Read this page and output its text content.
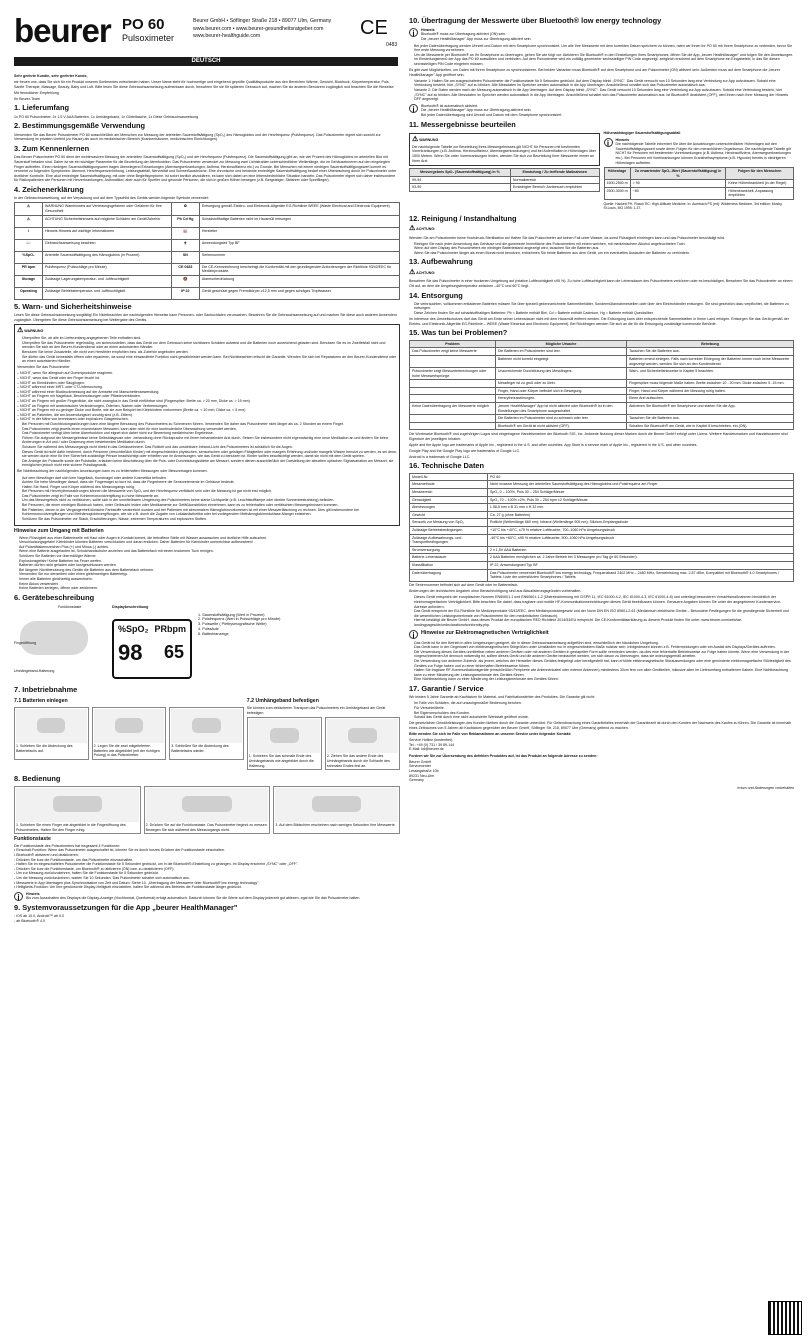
beurer PO 60
Pulsoximeter
Beurer GmbH • Söflinger Straße 218 • 89077 Ulm, Germany
www.beurer.com • www.beurer-gesundheitsratgeber.com
www.beurer-healthguide.com	CE
0483
DEUTSCH

Sehr geehrte Kundin, sehr geehrter Kunde,

wir freuen uns, dass Sie sich für ein Produkt unseres Sortimentes entschieden haben. Unser Name steht für hochwertige und eingehend geprüfte Qualitätsprodukte aus den Bereichen Wärme, Gewicht, Blutdruck, Körpertemperatur, Puls, Sanfte Therapie, Massage, Beauty, Baby und Luft. Bitte lesen Sie diese Gebrauchsanweisung aufmerksam durch, bewahren Sie sie für späteren Gebrauch auf, machen Sie sie anderen Benutzern zugänglich und beachten Sie die Hinweise.

Mit freundlicher Empfehlung

Ihr Beurer-Team

1. Lieferumfang

1x PO 60 Pulsoximeter, 2x 1,5 V AAA Batterien, 1x Umhängeband, 1x Gürteltasche, 1x Diese Gebrauchsanweisung

2. Bestimmungsgemäße Verwendung

Verwenden Sie das Beurer Pulsoximeter PO 60 ausschließlich am Menschen zur Messung der arteriellen Sauerstoffsättigung (SpO₂) des Hämoglobins und der Herzfrequenz (Pulsfrequenz). Das Pulsoximeter eignet sich sowohl zur Verwendung im privaten Umfeld (zu Hause) als auch im medizinischen Bereich (Krankenhäusern, medizinischen Einrichtungen).

3. Zum Kennenlernen

Das Beurer Pulsoximeter PO 60 dient der nichtinvasiven Messung der arteriellen Sauerstoffsättigung (SpO₂) und der Herzfrequenz (Pulsfrequenz). Die Sauerstoffsättigung gibt an, wie viel Prozent des Hämoglobins im arteriellen Blut mit Sauerstoff beladen sind. Daher ist sie ein wichtiger Parameter für die Beurteilung der Atemfunktion. Das Pulsoximeter verwendet zur Messung zwei Lichtstrahlen unterschiedlicher Wellenlänge, die im Gehäuseinneren auf den eingelegten Finger auftreffen. Einen niedrigen Sauerstoffsättigungswert tragen überwiegend Erkrankungen (Atemwegserkrankungen, Asthma, Herzinsuffizienz etc.) zu Grunde. Bei Menschen mit einem niedrigen Sauerstoffsättigungswert kommt es vermehrt zu folgenden Symptomen: Atemnot, Herzfrequenzerhöhung, Leistungsabfall, Nervosität und Schweißausbrüche. Eine chronische und bekannte erniedrigte Sauerstoffsättigung bedarf einer Überwachung durch Ihr Pulsoximeter unter ärztlicher Kontrolle. Eine akut erniedrigte Sauerstoffsättigung, mit oder ohne Begleitsymptome, ist sofort ärztlich abzuklären, es kann sich dabei um eine lebensbedrohliche Situation handeln. Das Pulsoximeter eignet sich daher insbesondere für Risikopatienten wie Personen mit Herzerkrankungen, Asthmatiker, aber auch für Sportler und gesunde Personen, die sich in großen Höhen bewegen (z.B. Bergsteiger, Skifahrer oder Sportflieger).

4. Zeichenerklärung

In der Gebrauchsanweisung, auf der Verpackung und auf dem Typschild des Geräts werden folgende Symbole verwendet:

⚠	WARNUNG Warnhinweis auf Verletzungsgefahren oder Gefahren für Ihre Gesundheit	♻	Entsorgung gemäß Elektro- und Elektronik-Altgeräte EG-Richtlinie WEEE (Waste Electrical and Electronic Equipment)
⚠	ACHTUNG Sicherheitshinweis auf mögliche Schäden am Gerät/Zubehör	Pb Cd Hg	Schadstoffhaltige Batterien nicht im Hausmüll entsorgen
i	Hinweis Hinweis auf wichtige Informationen	🏭	Hersteller
📖	Gebrauchsanweisung beachten	🯅	Anwendungsteil Typ BF
%SpO₂	Arterielle Sauerstoffsättigung des Hämoglobins (in Prozent)	SN	Seriennummer
PR bpm	Pulsfrequenz (Pulsschläge pro Minute)	CE 0483	Die CE-Kennzeichnung bescheinigt die Konformität mit den grundlegenden Anforderungen der Richtlinie 93/42/EEC für Medizinprodukte.
Storage	Zulässige Lagerungstemperatur- und -luftfeuchtigkeit	🔕	Alarmunterdrückung
Operating	Zulässige Betriebstemperatur- und -luftfeuchtigkeit	IP 22	Gerät geschützt gegen Fremdkörper ≥12,5 mm und gegen schräges Tropfwasser
5. Warn- und Sicherheitshinweise

Lesen Sie diese Gebrauchsanweisung sorgfältig! Ein Nichtbeachten der nachfolgenden Hinweise kann Personen- oder Sachschäden verursachen. Bewahren Sie die Gebrauchsanweisung auf und machen Sie diese auch anderen Anwendern zugänglich. Übergeben Sie diese Gebrauchsanweisung bei Weitergabe des Geräts.

⚠ WARNUNG
• Überprüfen Sie, ob alle im Lieferumfang angegebenen Teile enthalten sind.
• Überprüfen Sie das Pulsoximeter regelmäßig, um sicherzustellen, dass das Gerät vor dem Gebrauch keine sichtbaren Schäden aufweist und die Batterien noch ausreichend geladen sind. Benutzen Sie es im Zweifelsfall nicht und wenden Sie sich an den Beurer-Kundendienst oder an einen autorisierten Händler.
• Benutzen Sie keine Zusatzteile, die nicht vom Hersteller empfohlen bzw. als Zubehör angeboten werden.
• Sie dürfen das Gerät keinesfalls öffnen oder reparieren, da sonst eine einwandfreie Funktion nicht gewährleistet werden kann. Bei Nichtbeachten erlischt die Garantie. Wenden Sie sich bei Reparaturen an den Beurer-Kundendienst oder an einen autorisierten Händler.

Verwenden Sie das Pulsoximeter

– NICHT, wenn Sie allergisch auf Gummiprodukte reagieren.
– NICHT, wenn das Gerät oder der Finger feucht ist.
– NICHT an Kleinkindern oder Säuglingen.
– NICHT während einer MRT- oder CT-Untersuchung.
– NICHT während einer Blutdruckmessung auf der Armseite mit Manschettenanwendung.
– NICHT an Fingern mit Nagellack, Beschmutzungen oder Pflasterverbänden.
– NICHT an Fingern mit großer Fingerdicke, die nicht zwanglos in das Gerät einführbar sind (Fingerspitze: Breite ca. > 20 mm, Dicke ca. > 15 mm)
– NICHT an Fingern mit anatomischen Veränderungen, Ödemen, Narben oder Verbrennungen.
– NICHT an Fingern mit zu geringer Dicke und Breite, wie sie zum Beispiel bei Kleinkindern vorkommen (Breite ca. < 10 mm, Dicke ca. < 5 mm)
– NICHT an Patienten, die am Anwendungsort unruhig sind (z.B. Zittern).
– NICHT in der Nähe von brennbaren oder explosiven Gasgemischen.
• Bei Personen mit Durchblutungsstörungen kann eine längere Benutzung des Pulsoximeters zu Schmerzen führen. Verwenden Sie daher das Pulsoximeter nicht länger als ca. 2 Stunden an einem Finger.
• Das Pulsoximeter zeigt jeweils einen momentanen Messwert, kann aber nicht für eine kontinuierliche Überwachung verwendet werden.
• Das Pulsoximeter verfügt über keine Alarmfunktion und eignet sich daher nicht zur Bewertung medizinischer Ergebnisse.
• Führen Sie aufgrund der Messergebnisse keine Selbstdiagnose oder -behandlung ohne Rücksprache mit Ihrem behandelnden Arzt durch. Setzen Sie insbesondere nicht eigenmächtig eine neue Medikation an und ändern Sie keine Änderungen in Art und / oder Dosierung einer bestehenden Medikation durch.
• Schauen Sie während des Messvorgangs nicht direkt in das Gehäuseinnere. Das Rotlicht und das unsichtbare Infrarot-Licht des Pulsoximeters ist schädlich für die Augen.
• Dieses Gerät ist nicht dafür bestimmt, durch Personen (einschließlich Kinder) mit eingeschränkten physischen, sensorischen oder geistigen Fähigkeiten oder mangels Erfahrung und/oder mangels Wissen benutzt zu werden, es sei denn, sie werden durch eine für Ihre Sicherheit zuständige Person beaufsichtigt oder erhielten von ihr Anweisungen, wie das Gerät zu benutzen ist. Kinder sollten beaufsichtigt werden, damit sie nicht mit dem Gerät spielen.
• Die Anzeige der Pulswelle sowie der Pulsbalke, erlauben keine Abschätzung über die Puls- oder Durchblutungsstärke am Messort, sondern dienen ausschließlich der Darstellung der aktuellen optischen Signalvariation am Messort, sie ermöglichen jedoch nicht eine sichere Pulsdiagnostik.

Bei Nichtbeachtung der nachfolgenden Anweisungen kann es zu fehlerhaften Messungen oder Messversagen kommen.

• Auf dem Messfinger darf sich kein Nagellack, Kunstnagel oder andere Kosmetika befinden.
• Achten Sie beim Messfinger darauf, dass der Fingernagel so kurz ist, dass die Fingerbeere die Sensorelemente im Gehäuse bedeckt.
• Halten Sie Hand, Finger und Körper während des Messvorgangs ruhig.
• Bei Personen mit Herzrhythmusstörungen können die Messwerte von SpO₂ und der Herzfrequenz verfälscht sein oder die Messung ist gar nicht erst möglich.
• Das Pulsoximeter zeigt im Falle von Kohlenmonoxidvergiftung zu hohe Messwerte an.
• Um das Messergebnis nicht zu verfälschen, sollte sich in der unmittelbaren Umgebung des Pulsoximeters keine starke Lichtquelle (z.B. Leuchtstofflampe oder direkte Sonnenbestrahlung) befinden.
• Bei Personen, die einen niedrigen Blutdruck haben, unter Gelbsucht leiden oder Medikamente zur Gefäßkonstriktion einnehmen, kann es zu fehlerhaften oder verfälschten Messergebnissen kommen.
• Bei Patienten, denen in der Vergangenheit klinische Farbstoffe verabreicht wurden und bei Patienten mit abnormalem Hämoglobinvorkommen ist mit einer Messverfälschung zu rechnen. Dies gilt insbesondere bei Kohlenmonoxidvergiftungen und Methämoglobinvergiftungen, wie sie z.B. durch die Zugabe von Lokalanästhetika oder bei vorliegendem Methämoglobinreduktase-Mangel entstehen.
• Schützen Sie das Pulsoximeter vor Staub, Erschütterungen, Nässe, extremen Temperaturen und explosiven Stoffen.
Hinweise zum Umgang mit Batterien
• Wenn Flüssigkeit aus einer Batteriezelle mit Haut oder Augen in Kontakt kommt, die betroffene Stelle mit Wasser auswaschen und ärztliche Hilfe aufsuchen.
• Verschluckungsgefahr! Kleinkinder könnten Batterien verschlucken und daran ersticken. Daher Batterien für Kleinkinder unerreichbar aufbewahren!
• Auf Polaritätskennzeichen Plus (+) und Minus (-) achten.
• Wenn eine Batterie ausgelaufen ist, Schutzhandschuhe anziehen und das Batteriefach mit einem trockenen Tuch reinigen.
• Schützen Sie Batterien vor übermäßiger Wärme.
• Explosionsgefahr! Keine Batterien ins Feuer werfen.
• Batterien dürfen nicht geladen oder kurzgeschlossen werden.
• Bei längerer Nichtbenutzung des Geräts die Batterien aus dem Batteriefach nehmen.
• Verwenden Sie nur denselben oder einen gleichwertigen Batterietyp.
• Immer alle Batterien gleichzeitig auswechseln.
• Keine Akkus verwenden!
• Keine Batterien zerlegen, öffnen oder zerkleinern.
6. Gerätebeschreibung
Funktionstaste
Fingeröffnung
Umhängeband-Halterung
Displaybeschreibung
%SpO₂ PRbpm
98 65
1. Sauerstoffsättigung (Wert in Prozent)
2. Pulsfrequenz (Wert in Pulsschläge pro Minute)
3. Pulswelle ( Plethysmografische Welle)
4. Pulssäule
5. Batterieanzeige
7. Inbetriebnahme
7.1 Batterien einlegen
1. Schieben Sie die Abdeckung des Batteriefachs auf.
2. Legen Sie die zwei mitgelieferten Batterien wie abgebildet (mit der richtigen Polung) in das Pulsoximeter.
3. Schließen Sie die Abdeckung des Batteriefachs wieder.
7.2 Umhängeband befestigen

Sie können zum einfacheren Transport das Pulsoximeters ein Umhängeband am Gerät befestigen.

1. Schieben Sie das schmale Ende des Umhängebands wie abgebildet durch die Halterung.
2. Ziehen Sie das andere Ende des Umhängebands durch die Schlaufe des schmalen Endes fest an.
8. Bedienung
1. Schieben Sie einen Finger wie abgebildet in die Fingeröffnung des Pulsoximeters. Halten Sie den Finger ruhig.
2. Drücken Sie auf die Funktionstaste. Das Pulsoximeter beginnt zu messen. Bewegen Sie sich während des Messvorgangs nicht.
3. Auf dem Bildschirm erscheinen nach wenigen Sekunden Ihre Messwerte.
Funktionstaste
Die Funktionstaste des Pulsoximeters hat insgesamt 4 Funktionen:
• Einschalt-Funktion: Wenn das Pulsoximeter ausgeschaltet ist, können Sie es durch kurzes Drücken der Funktionstaste einschalten.
• Bluetooth® aktivieren und deaktivieren:
- Drücken Sie kurz die Funktionstaste, um das Pulsoximeter einzuschalten.
- Halten Sie im eingeschalteten Pulsoximeter die Funktionstaste für 5 Sekunden gedrückt, um in die Bluetooth®-Einstellung zu gelangen. Im Display erscheint „SYNC" oder „OFF".
- Drücken Sie kurz die Funktionstaste, um Bluetooth® zu aktivieren (ON) bzw. zu deaktivieren (OFF).
- Um zur Messung zurückzukehren, halten Sie die Funktionstaste für 5 Sekunden gedrückt.
- Um die Messung zurückzukehren, warten Sie 10 Sekunden. Das Pulsoximeter schaltet sich automatisch aus.
• Messwerte in App übertragen plus Synchronisation von Zeit und Datum: Siehe 10. „Übertragung der Messwerte über Bluetooth® low energy technology".
• Helligkeits-Funktion: Um Ihre gewünschte Display-Helligkeit einzustellen, halten Sie während des Betriebs die Funktionstaste länger gedrückt.
i	Hinweis
Bis zum Ausschalten des Displays die Display-Anzeige (Hochformat, Querformat) erfolgt automatisch. Dadurch können Sie die Werte auf dem Display jederzeit gut ablesen, egal wie Sie das Pulsoximeter halten.
9. Systemvoraussetzungen für die App „beurer HealthManager"
- iOS ab 10.0, Android™ ab 5.0
- ab Bluetooth® 4.0
10. Übertragung der Messwerte über Bluetooth® low energy technology
i	Hinweis
Bluetooth® muss zur Übertragung aktiviert (ON) sein.
Die „beurer HealthManager" App muss zur Übertragung aktiviert sein.
• Bei jeder Datenübertragung werden Uhrzeit und Datum mit dem Smartphone synchronisiert. Um alle Ihre Messwerte mit dem korrekten Datum speichern zu können, raten wir Ihnen Ihr PO 60 mit Ihrem Smartphone zu verbinden, bevor Sie Ihre erste Messung vornehmen.
• Um die Messwerte per Bluetooth® an Ihr Smartphone zu übertragen, gehen Sie wie folgt vor: Aktivieren Sie Bluetooth® in den Einstellungen Ihres Smartphones, öffnen Sie die App „beurer HealthManager" und folgen Sie den Anweisungen. Im Einstellungsmenü der App das PO 60 auswählen und verbinden. Auf dem Pulsoximeter wird ein zufällig generierter sechsstelliger PIN Code angezeigt, zeitgleich erscheint auf dem Smartphone ein Eingabefeld, in das Sie diesen sechsstelligen PIN Code eingeben müssen.

Es gibt zwei Möglichkeiten, um Daten mit Ihrem Smartphone zu synchronisieren. Bei beiden Varianten muss Bluetooth® auf dem Smartphone und am Pulsoximeter (ON) aktiviert sein. Außerdem muss auf dem Smartphone die „beurer HealthManager" App geöffnet sein.

• Variante 1: Halten Sie am ausgeschalteten Pulsoximeter die Funktionstaste für 5 Sekunden gedrückt. Auf dem Display blinkt „SYNC". Das Gerät versucht nun 10 Sekunden lang eine Verbindung zur App aufzubauen. Sobald eine Verbindung besteht, hört „SYNC" auf zu blinken. Alle Messdaten im Speicher werden automatisch in die App übertragen. Anschließend schaltet sich das Pulsoximeter automatisch aus.
• Variante 2: Die Daten werden nach der Messung automatisch in die App übertragen. Auf dem Display blinkt „SYNC". Das Gerät versucht 10 Sekunden lang eine Verbindung zur App aufzubauen. Sobald eine Verbindung besteht, hört „SYNC" auf zu blinken. Alle Messdaten im Speicher werden automatisch in die App übertragen. Anschließend schaltet sich das Pulsoximeter automatisch aus. Ist Bluetooth® deaktiviert (OFF), wird Ihnen nach Ihrer Messung der Hinweis OFF angezeigt.
i	Bluetooth® ist automatisch aktiviert.
Die „beurer HealthManager" App muss zur Übertragung aktiviert sein.
Bei jeder Datenübertragung wird Uhrzeit und Datum mit dem Smartphone synchronisiert.
11. Messergebnisse beurteilen
⚠ WARNUNG
Die nachfolgende Tabelle zur Beurteilung Ihres Messergebnisses gilt NICHT für Personen mit bestimmten Vorerkrankungen (z.B. Asthma, Herzinsuffizienz, Atemwegserkrankungen) und bei Aufenthalten in Höhenlagen über 1500 Metern. Wenn Sie unter Vorerkrankungen leiden, wenden Sie sich zur Beurteilung Ihrer Messwerte immer an Ihren Arzt.
Messergebnis SpO₂ (Sauerstoffsättigung) in %	Einstufung / Zu treffende Maßnahmen
99-94	Normalbereich
93-90	Erniedrigter Bereich: Arztbesuch empfohlen
Höhenabhängiger Sauerstoffsättigungsabfall
i	Hinweis
Die nachfolgende Tabelle informiert Sie über die Auswirkungen unterschiedlicher Höhenlagen auf den Sauerstoffsättigungswert sowie deren Folgen für den menschlichen Organismus. Die nachfolgende Tabelle gilt NICHT für Personen mit bestimmten Vorerkrankungen (z.B. Asthma, Herzinsuffizienz, Atemwegserkrankungen etc.). Bei Personen mit Vorerkrankungen können Krankheitssymptome (z.B. Hypoxie) bereits in niedrigeren Höhenlagen auftreten.
Höhenlage	Zu erwartender SpO₂-Wert (Sauerstoffsättigung) in %	Folgen für den Menschen
1500-2500 m	> 90	Keine Höhenkrankheit (in der Regel)
2500-3000 m	~80	Höhenkrankheit, Anpassung empfohlen

Quelle: Hackett PH, Roach RC: High-Altitude Medicine. In: Auerbach PS (ed): Wilderness Medicine, 3rd edition; Mosby, St.Louis, MO 1995: 1-37.

12. Reinigung / Instandhaltung

⚠ ACHTUNG:

Wenden Sie am Pulsoximeter keine Hochdruck-Sterilisation an! Halten Sie das Pulsoximeter auf keinen Fall unter Wasser, da sonst Flüssigkeit eindringen kann und das Pulsoximeter beschädigt wird.

• Reinigen Sie nach jeder Anwendung das Gehäuse und die gummierte Innenfläche des Pulsoximeters mit einem weichen, mit medizinischem Alkohol angefeuchteten Tuch.
• Wenn auf dem Display des Pulsoximeters ein niedriger Batteriestand angezeigt wird, tauschen Sie die Batterien aus.
• Wenn Sie das Pulsoximeter länger als einen Monat nicht benutzen, entnehmen Sie beide Batterien aus dem Gerät, um ein eventuelles Auslaufen der Batterien zu verhindern.
13. Aufbewahrung

⚠ ACHTUNG:

Bewahren Sie das Pulsoximeter in einer trockenen Umgebung auf (relative Luftfeuchtigkeit ≤95 %). Zu hohe Luftfeuchtigkeit kann die Lebensdauer des Pulsoximeters verkürzen oder es beschädigen. Bewahren Sie das Pulsoximeter an einem Ort auf, an dem die Umgebungstemperatur zwischen –40°C und 60°C liegt.

14. Entsorgung
• Die verbrauchten, vollkommen entladenen Batterien müssen Sie über speziell gekennzeichnete Sammelbehälter, Sondermüllannahmestellen oder über den Elektrohändler entsorgen. Sie sind gesetzlich dazu verpflichtet, die Batterien zu entsorgen.
• Diese Zeichen finden Sie auf schadstoffhaltigen Batterien: Pb = Batterie enthält Blei, Cd = Batterie enthält Cadmium, Hg = Batterie enthält Quecksilber

Im Interesse des Umweltschutzes darf das Gerät am Ende seiner Lebensdauer nicht mit dem Hausmüll entfernt werden. Die Entsorgung kann über entsprechende Sammelstellen in Ihrem Land erfolgen. Entsorgen Sie das Gerät gemäß der Elektro- und Elektronik-Altgeräte EG-Richtlinie – WEEE (Waste Electrical and Electronic Equipment). Bei Rückfragen wenden Sie sich an die für die Entsorgung zuständige kommunale Behörde.

15. Was tun bei Problemen?
Problem	Mögliche Ursache	Behebung
Das Pulsoximeter zeigt keine Messwerte	Die Batterien im Pulsoximeter sind leer.	Tauschen Sie die Batterien aus.
	Batterien nicht korrekt eingelegt.	Batterien erneut einlegen. Falls nach korrekter Einlegung der Batterien immer noch keine Messwerte angezeigt werden, wenden Sie sich an den Kundendienst.
Pulsoximeter zeigt Messunterbrechungen oder hohe Messwertsprünge	Unzureichende Durchblutung des Messfingers.	Warn- und Sicherheitshinweise in Kapitel 5 beachten.
	Messfinger ist zu groß oder zu klein.	Fingerspitze muss folgende Maße haben: Breite zwischen 10 - 20 mm. Dicke zwischen 5 -15 mm.
	Finger, Hand oder Körper befindet sich in Bewegung.	Finger, Hand und Körper während der Messung ruhig halten.
	Herzrythmusstörungen.	Einen Arzt aufsuchen.
Keine Datenübertragung der Messwerte möglich	„beurer HealthManager" App ist nicht aktiviert oder Bluetooth® ist in den Einstellungen des Smartphone ausgeschaltet.	Aktivieren Sie Bluetooth® am Smartphone und starten Sie die App.
	Die Batterien im Pulsoximeter sind zu schwach oder leer.	Tauschen Sie die Batterien aus.
	Bluetooth® am Gerät ist nicht aktiviert (OFF).	Schalten Sie Bluetooth® am Gerät, wie in Kapitel 8 beschrieben, ein (ON).

Die Wortmarke Bluetooth® und zugehörigen Logos sind eingetragene Handelsmarken der Bluetooth SIG, Inc. Jedwede Nutzung dieser Marken durch die Beurer GmbH erfolgt unter Lizenz. Weitere Handelsmarken und Handelsnamen sind Eigentum der jeweiligen Inhaber.

Apple and the Apple logo are trademarks of Apple Inc., registered in the U.S. and other countries. App Store is a service mark of Apple Inc., registered in the U.S. and other countries.

Google Play and the Google Play logo are trademarks of Google LLC.

Android is a trademark of Google LLC.

16. Technische Daten
Modell-Nr.	PO 60
Messmethode	Nicht invasive Messung der arteriellen Sauerstoffsättigung des Hämoglobins und Pulsfrequenz am Finger
Messbereich	SpO₂ 0 – 100%, Puls 30 – 254 Schläge/Minute
Genauigkeit	SpO₂ 70 – 100% ±2%, Puls 30 – 254 bpm ±2 Schläge/Minute
Abmessungen	L 58,5 mm x B 31 mm x H 32 mm
Gewicht	Ca. 27 g (ohne Batterien)
Sensorik zur Messung von SpO₂	Rotlicht (Wellenlänge 660 nm); Infrarot (Wellenlänge 905 nm); Silizium-Empfangsdiode
Zulässige Betriebsbedingungen	+10°C bis +40°C, ≤75 % relative Luftfeuchte, 700–1060 hPa Umgebungsdruck
Zulässige Aufbewahrungs- und Transportbedingungen	-40°C bis +60°C, ≤95 % relative Luftfeuchte, 500–1060 hPa Umgebungsdruck
Stromversorgung	2 x 1,5V AAA Batterien
Batterie-Lebensdauer	2 AAA Batterien ermöglichen ca. 2 Jahre Betrieb bei 3 Messungen pro Tag (je 60 Sekunden).
Klassifikation	IP 22, Anwendungsteil Typ BF
Datenübertragung	Das Pulsoximeter verwendet Bluetooth® low energy technology, Frequenzband 2402 MHz – 2480 MHz, Sendeleistung max. 2,87 dBm, Kompatibel mit Bluetooth® 4.0 Smartphones / Tablets. Liste der unterstützten Smartphones / Tablets

Die Seriennummer befindet sich auf dem Gerät oder im Batteriefach.

Änderungen der technischen Angaben ohne Benachrichtigung sind aus Aktualisierungsgründen vorbehalten.

• Dieses Gerät entspricht der europäischen Normen EN60601-1 und EN60601-1-2 (Übereinstimmung mit CISPR 11, IEC 61000-4-2, IEC 61000-4-3, IEC 61000-4-8) und unterliegt besonderen Vorsichtsmaßnahmen hinsichtlich der elektromagnetischen Verträglichkeit. Bitte beachten Sie dabei, dass tragbare und mobile HF-Kommunikationseinrichtungen dieses Gerät beeinflussen können. Genauere Angaben können Sie unter der angegebenen Kundenservice-Adresse anfordern.
• Das Gerät entspricht der EU-Richtlinie für Medizinprodukte 93/42/EEC, dem Medizinproduktegesetz und der Norm DIN EN ISO 80601-2-61 (Medizinisch elektrische Geräte – Besondere Festlegungen für die grundlegende Sicherheit und die wesentlichen Leistungsmerkmale von Pulsoximetern für den medizinischen Gebrauch).
• Hiermit bestätigt die Beurer GmbH, dass dieses Produkt der europäischen RED Richtlinie 2014/53/EU entspricht. Die CE-Konformitätserklärung zu diesem Produkt finden Sie unter: www.beurer.com/web/we-landingpages/de/cedeclarationofconformity.php.
i	Hinweise zur Elektromagnetischen Verträglichkeit
• Das Gerät ist für den Betrieb in allen Umgebungen geeignet, die in dieser Gebrauchsanweisung aufgeführt sind, einschließlich der häuslichen Umgebung.
• Das Gerät kann in der Gegenwart von elektromagnetischen Störgrößen unter Umständen nur in eingeschränktem Maße nutzbar sein. Infolgedessen können z.B. Fehlermeldungen oder ein Ausfall des Displays/Gerätes auftreten.
• Die Verwendung dieses Gerätes unmittelbar neben anderen Geräten oder mit anderen Geräten in gestapelter Form sollte vermieden werden, da dies eine fehlerhafte Betriebsweise zur Folge haben könnte. Wenn eine Verwendung in der vorgeschriebenen Art dennoch notwendig ist, sollten dieses Gerät und die anderen Geräte beobachtet werden, um sich davon zu überzeugen, dass sie ordnungsgemäß arbeiten.
• Die Verwendung von anderem Zubehör, als jenem, welches der Hersteller dieses Gerätes festgelegt oder bereitgestellt hat, kann erhöhte elektromagnetische Störaussendungen oder eine geminderte elektromagnetische Störfestigkeit des Gerätes zur Folge haben und zu einer fehlerhaften Betriebsweise führen.
• Halten Sie tragbare RF-Kommunikationsgeräte (einschließlich Peripherie wie Antennenkabel oder externe Antennen) mindestens 30cm fern von allen Gerätteilen, inklusive allen im Lieferumfang enthaltenen Kabeln. Eine Nichtbeachtung kann zu einer Minderung der Leistungsmerkmale des Gerätes führen.
• Eine Nichtbeachtung kann zu einer Minderung der Leistungsmerkmale des Gerätes führen.
17. Garantie / Service

Wir leisten 5 Jahre Garantie ab Kaufdatum für Material- und Fabrikationsfehler des Produktes. Die Garantie gilt nicht:

• Im Falle von Schäden, die auf unsachgemäßer Bedienung beruhen.
• Für Verschleißteile.
• Bei Eigenverschulden des Kunden.
• Sobald das Gerät durch eine nicht autorisierte Werkstatt geöffnet wurde.

Die gesetzlichen Gewährleistungen des Kunden bleiben durch die Garantie unberührt. Für Geltendmachung eines Garantiefalles innerhalb der Garantiezeit ist durch den Kunden der Nachweis des Kaufes zu führen. Die Garantie ist innerhalb eines Zeitraumes von 5 Jahren ab Kaufdatum gegenüber der Beurer GmbH, Söflinger Str. 218, 89077 Ulm (Germany) geltend zu machen.

Bitte wenden Sie sich im Falle von Reklamationen an unseren Service unter folgender Kontakt:

Service Hotline (kostenfrei):
Tel.: +49 (0) 731 / 39 89-144
E-Mail: kd@beurer.de

Fordern wir Sie zur Übersendung des defekten Produktes auf, ist das Produkt an folgende Adresse zu senden:

Beurer GmbH
Servicecenter
Lessingstraße 10b
89231 Neu-Ulm
Germany

Irrtum und Änderungen vorbehalten
